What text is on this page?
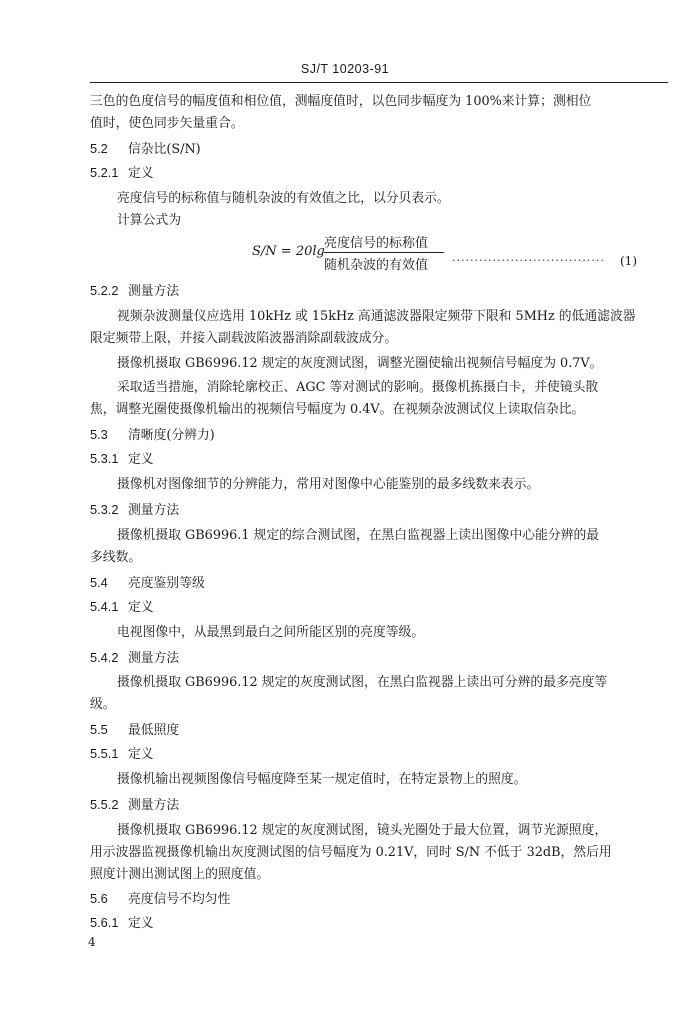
SJ/T 10203-91
三色的色度信号的幅度值和相位值，测幅度值时，以色同步幅度为 100%来计算；测相位
值时，使色同步矢量重合。
5.2 信杂比(S/N)
5.2.1 定义
亮度信号的标称值与随机杂波的有效值之比，以分贝表示。
计算公式为
5.2.2 测量方法
视频杂波测量仪应选用 10kHz 或 15kHz 高通滤波器限定频带下限和 5MHz 的低通滤波器
限定频带上限，并接入副载波陷波器消除副载波成分。
摄像机摄取 GB6996.12 规定的灰度测试图，调整光圈使输出视频信号幅度为 0.7V。
采取适当措施，消除轮廓校正、AGC 等对测试的影响。摄像机拣摄白卡，并使镜头散
焦，调整光圈使摄像机输出的视频信号幅度为 0.4V。在视频杂波测试仪上读取信杂比。
5.3 清晰度(分辨力)
5.3.1 定义
摄像机对图像细节的分辨能力，常用对图像中心能鉴别的最多线数来表示。
5.3.2 测量方法
摄像机摄取 GB6996.1 规定的综合测试图，在黑白监视器上读出图像中心能分辨的最
多线数。
5.4 亮度鉴别等级
5.4.1 定义
电视图像中，从最黑到最白之间所能区别的亮度等级。
5.4.2 测量方法
摄像机摄取 GB6996.12 规定的灰度测试图，在黑白监视器上读出可分辨的最多亮度等
级。
5.5 最低照度
5.5.1 定义
摄像机输出视频图像信号幅度降至某一规定值时，在特定景物上的照度。
5.5.2 测量方法
摄像机摄取 GB6996.12 规定的灰度测试图，镜头光圈处于最大位置，调节光源照度，
用示波器监视摄像机输出灰度测试图的信号幅度为 0.21V，同时 S/N 不低于 32dB，然后用
照度计测出测试图上的照度值。
5.6 亮度信号不均匀性
5.6.1 定义
S/N = 20lg
亮度信号的标称值
随机杂波的有效值 ·································· (1)
4
